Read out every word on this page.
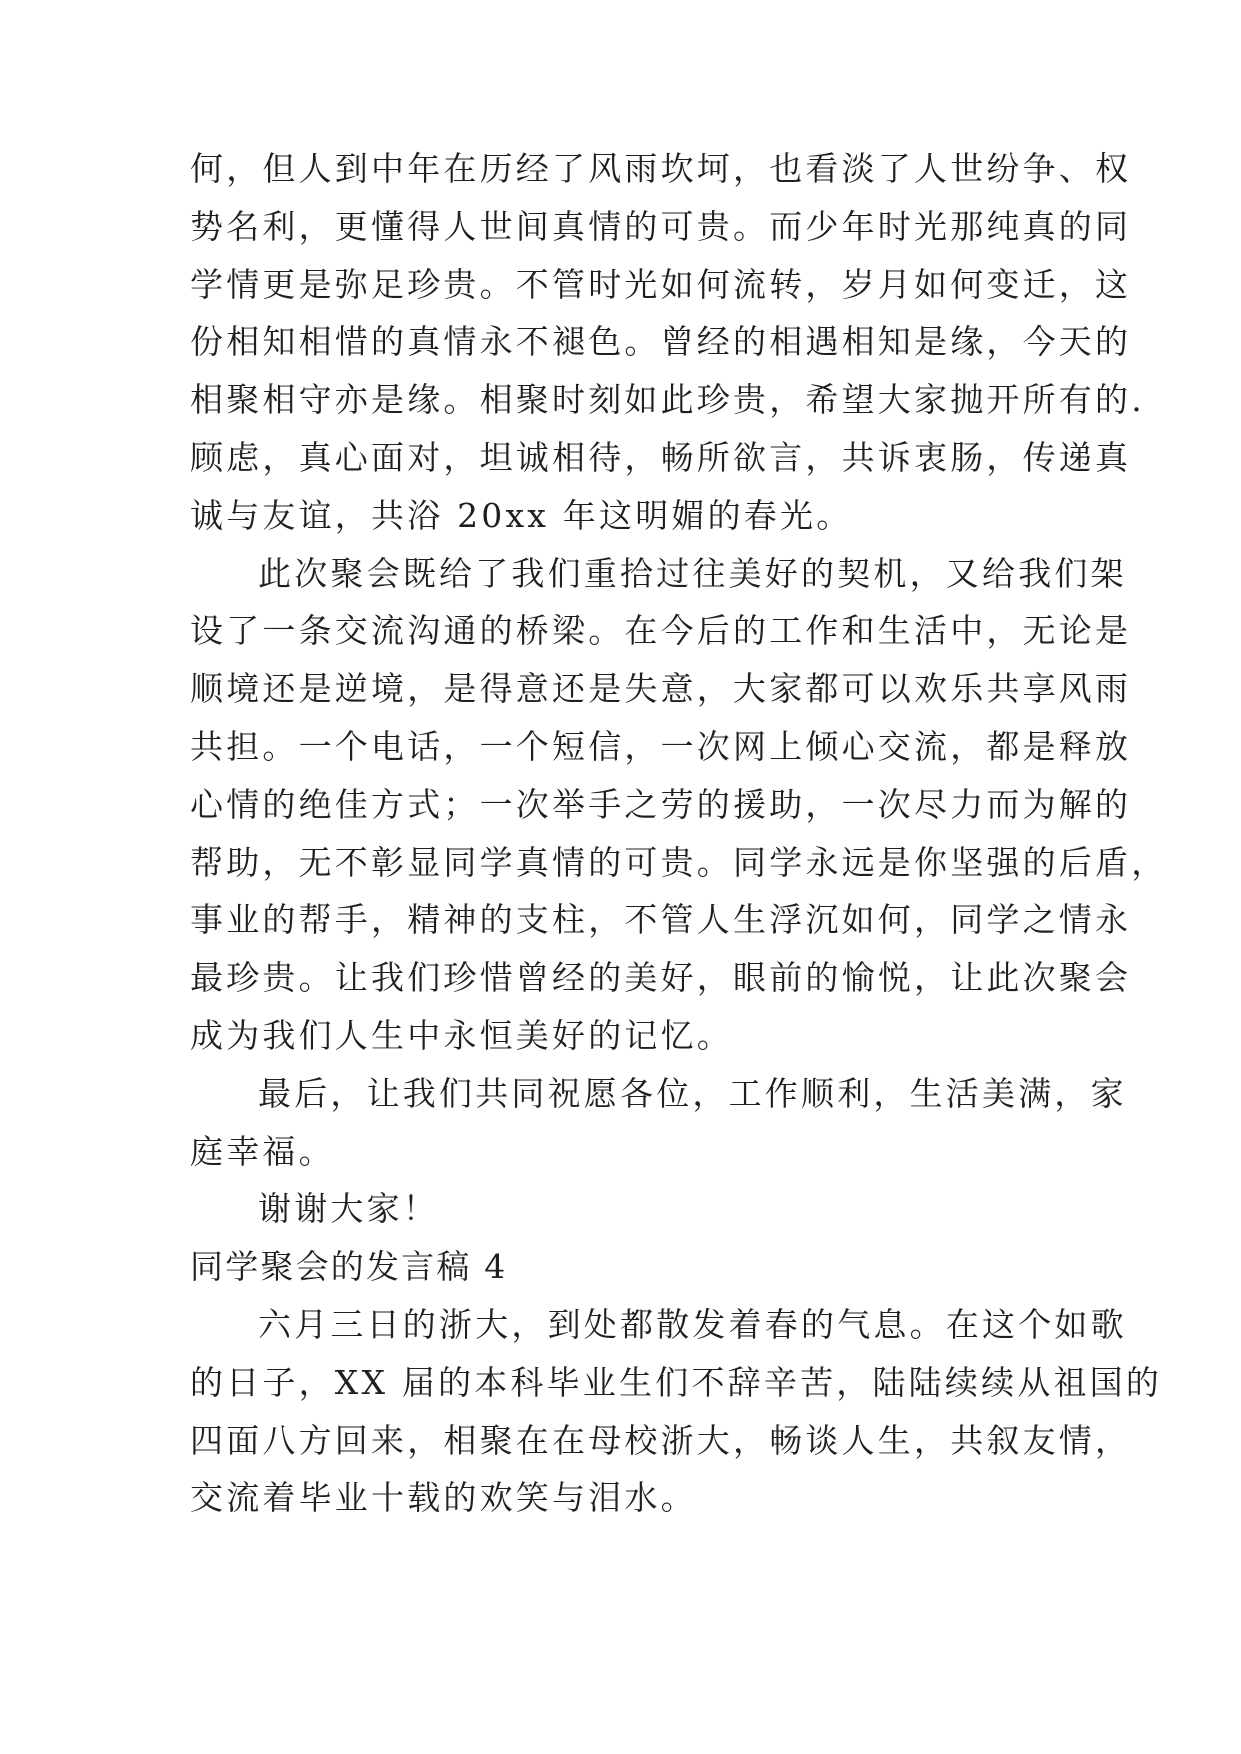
何，但人到中年在历经了风雨坎坷，也看淡了人世纷争、权
势名利，更懂得人世间真情的可贵。而少年时光那纯真的同
学情更是弥足珍贵。不管时光如何流转，岁月如何变迁，这
份相知相惜的真情永不褪色。曾经的相遇相知是缘，今天的
相聚相守亦是缘。相聚时刻如此珍贵，希望大家抛开所有的.
顾虑，真心面对，坦诚相待，畅所欲言，共诉衷肠，传递真
诚与友谊，共浴 20xx 年这明媚的春光。
此次聚会既给了我们重拾过往美好的契机，又给我们架
设了一条交流沟通的桥梁。在今后的工作和生活中，无论是
顺境还是逆境，是得意还是失意，大家都可以欢乐共享风雨
共担。一个电话，一个短信，一次网上倾心交流，都是释放
心情的绝佳方式；一次举手之劳的援助，一次尽力而为解的
帮助，无不彰显同学真情的可贵。同学永远是你坚强的后盾，
事业的帮手，精神的支柱，不管人生浮沉如何，同学之情永
最珍贵。让我们珍惜曾经的美好，眼前的愉悦，让此次聚会
成为我们人生中永恒美好的记忆。
最后，让我们共同祝愿各位，工作顺利，生活美满，家
庭幸福。
谢谢大家！
同学聚会的发言稿 4
六月三日的浙大，到处都散发着春的气息。在这个如歌
的日子，XX 届的本科毕业生们不辞辛苦，陆陆续续从祖国的
四面八方回来，相聚在在母校浙大，畅谈人生，共叙友情，
交流着毕业十载的欢笑与泪水。
